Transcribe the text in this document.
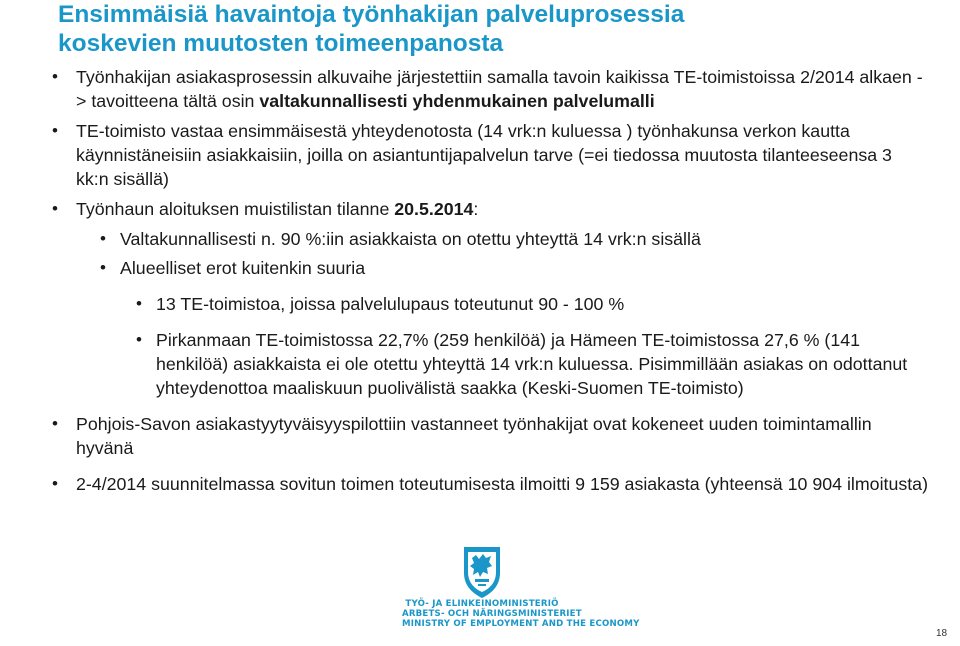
Ensimmäisiä havaintoja työnhakijan palveluprosessia
koskevien muutosten toimeenpanosta
• Työnhakijan asiakasprosessin alkuvaihe järjestettiin samalla tavoin kaikissa TE-toimistoissa 2/2014 alkaen -> tavoitteena tältä osin valtakunnallisesti yhdenmukainen palvelumalli
• TE-toimisto vastaa ensimmäisestä yhteydenotosta (14 vrk:n kuluessa ) työnhakunsa verkon kautta käynnistäneisiin asiakkaisiin, joilla on asiantuntijapalvelun tarve (=ei tiedossa muutosta tilanteeseensa 3 kk:n sisällä)
• Työnhaun aloituksen muistilistan tilanne 20.5.2014:
• Valtakunnallisesti n. 90 %:iin asiakkaista on otettu yhteyttä 14 vrk:n sisällä
• Alueelliset erot kuitenkin suuria
• 13 TE-toimistoa, joissa palvelulupaus toteutunut 90 - 100 %
• Pirkanmaan TE-toimistossa 22,7% (259 henkilöä) ja Hämeen TE-toimistossa 27,6 % (141 henkilöä) asiakkaista ei ole otettu yhteyttä 14 vrk:n kuluessa. Pisimmillään asiakas on odottanut yhteydenottoa maaliskuun puolivälistä saakka (Keski-Suomen TE-toimisto)
• Pohjois-Savon asiakastyytyväisyyspilottiin vastanneet työnhakijat ovat kokeneet uuden toimintamallin hyvänä
• 2-4/2014 suunnitelmassa sovitun toimen toteutumisesta ilmoitti 9 159 asiakasta (yhteensä 10 904 ilmoitusta)
TYÖ- JA ELINKEINOMINISTERIÖ
ARBETS- OCH NÄRINGSMINISTERIET
MINISTRY OF EMPLOYMENT AND THE ECONOMY
18
